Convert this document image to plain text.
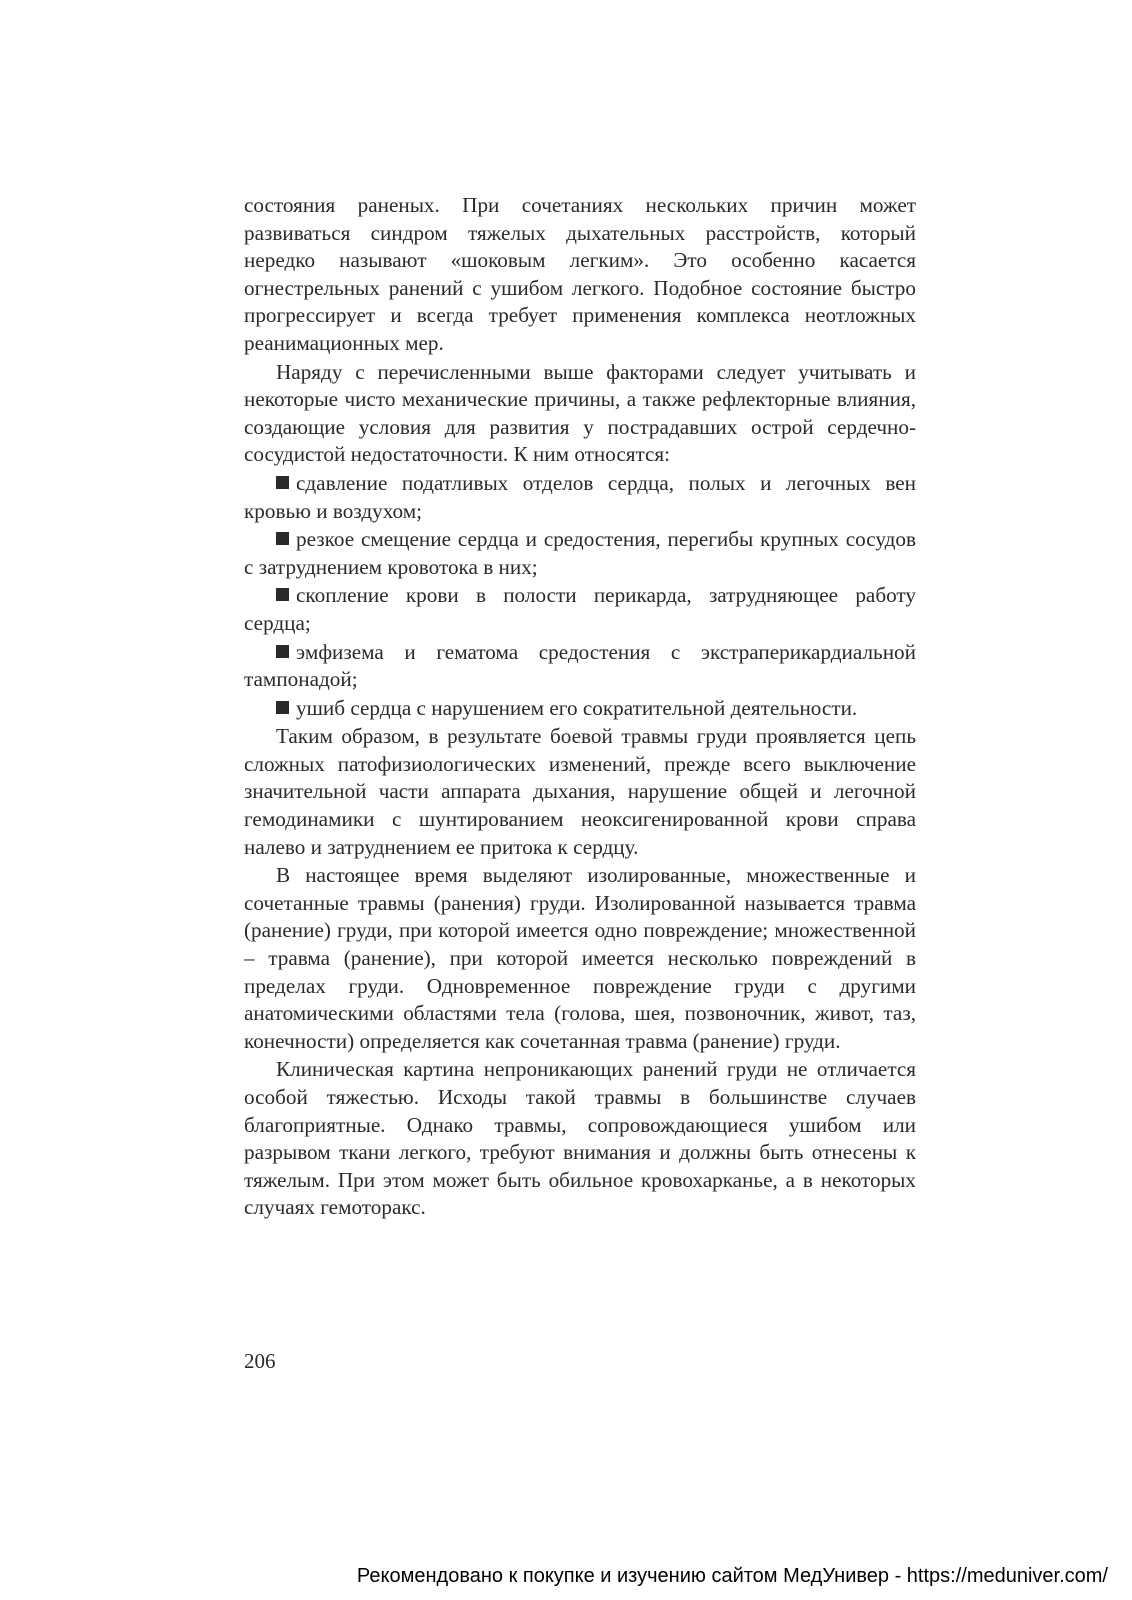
состояния раненых. При сочетаниях нескольких причин может развиваться синдром тяжелых дыхательных расстройств, который нередко называют «шоковым легким». Это особенно касается огнестрельных ранений с ушибом легкого. Подобное состояние быстро прогрессирует и всегда требует применения комплекса неотложных реанимационных мер.

Наряду с перечисленными выше факторами следует учитывать и некоторые чисто механические причины, а также рефлекторные влияния, создающие условия для развития у пострадавших острой сердечно-сосудистой недостаточности. К ним относятся:

сдавление податливых отделов сердца, полых и легочных вен кровью и воздухом;

резкое смещение сердца и средостения, перегибы крупных сосудов с затруднением кровотока в них;

скопление крови в полости перикарда, затрудняющее работу сердца;

эмфизема и гематома средостения с экстраперикардиальной тампонадой;

ушиб сердца с нарушением его сократительной деятельности.

Таким образом, в результате боевой травмы груди проявляется цепь сложных патофизиологических изменений, прежде всего выключение значительной части аппарата дыхания, нарушение общей и легочной гемодинамики с шунтированием неоксигенированной крови справа налево и затруднением ее притока к сердцу.

В настоящее время выделяют изолированные, множественные и сочетанные травмы (ранения) груди. Изолированной называется травма (ранение) груди, при которой имеется одно повреждение; множественной – травма (ранение), при которой имеется несколько повреждений в пределах груди. Одновременное повреждение груди с другими анатомическими областями тела (голова, шея, позвоночник, живот, таз, конечности) определяется как сочетанная травма (ранение) груди.

Клиническая картина непроникающих ранений груди не отличается особой тяжестью. Исходы такой травмы в большинстве случаев благоприятные. Однако травмы, сопровождающиеся ушибом или разрывом ткани легкого, требуют внимания и должны быть отнесены к тяжелым. При этом может быть обильное кровохарканье, а в некоторых случаях гемоторакс.

206
Рекомендовано к покупке и изучению сайтом МедУнивер - https://meduniver.com/
